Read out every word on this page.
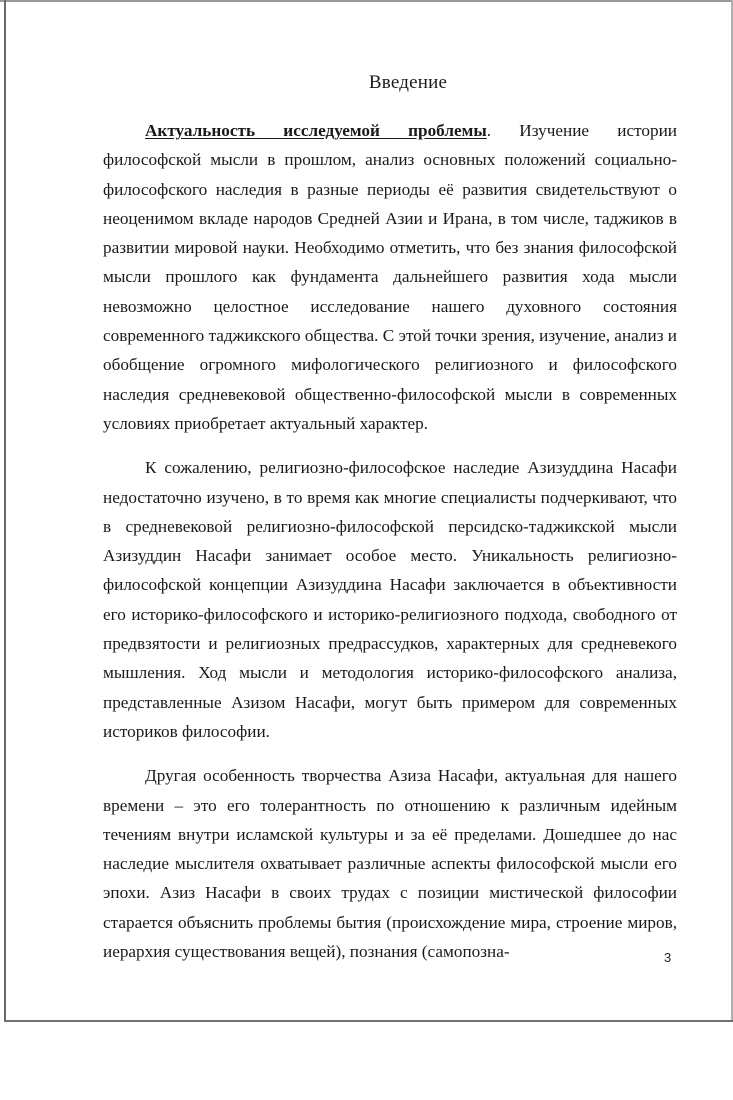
Введение

Актуальность исследуемой проблемы. Изучение истории философской мысли в прошлом, анализ основных положений социально-философского наследия в разные периоды её развития свидетельствуют о неоценимом вкладе народов Средней Азии и Ирана, в том числе, таджиков в развитии мировой науки. Необходимо отметить, что без знания философской мысли прошлого как фундамента дальнейшего развития хода мысли невозможно целостное исследование нашего духовного состояния современного таджикского общества. С этой точки зрения, изучение, анализ и обобщение огромного мифологического религиозного и философского наследия средневековой общественно-философской мысли в современных условиях приобретает актуальный характер.

К сожалению, религиозно-философское наследие Азизуддина Насафи недостаточно изучено, в то время как многие специалисты подчеркивают, что в средневековой религиозно-философской персидско-таджикской мысли Азизуддин Насафи занимает особое место. Уникальность религиозно-философской концепции Азизуддина Насафи заключается в объективности его историко-философского и историко-религиозного подхода, свободного от предвзятости и религиозных предрассудков, характерных для средневекого мышления. Ход мысли и методология историко-философского анализа, представленные Азизом Насафи, могут быть примером для современных историков философии.

Другая особенность творчества Азиза Насафи, актуальная для нашего времени – это его толерантность по отношению к различным идейным течениям внутри исламской культуры и за её пределами. Дошедшее до нас наследие мыслителя охватывает различные аспекты философской мысли его эпохи. Азиз Насафи в своих трудах с позиции мистической философии старается объяснить проблемы бытия (происхождение мира, строение миров, иерархия существования вещей), познания (самопозна-	3
